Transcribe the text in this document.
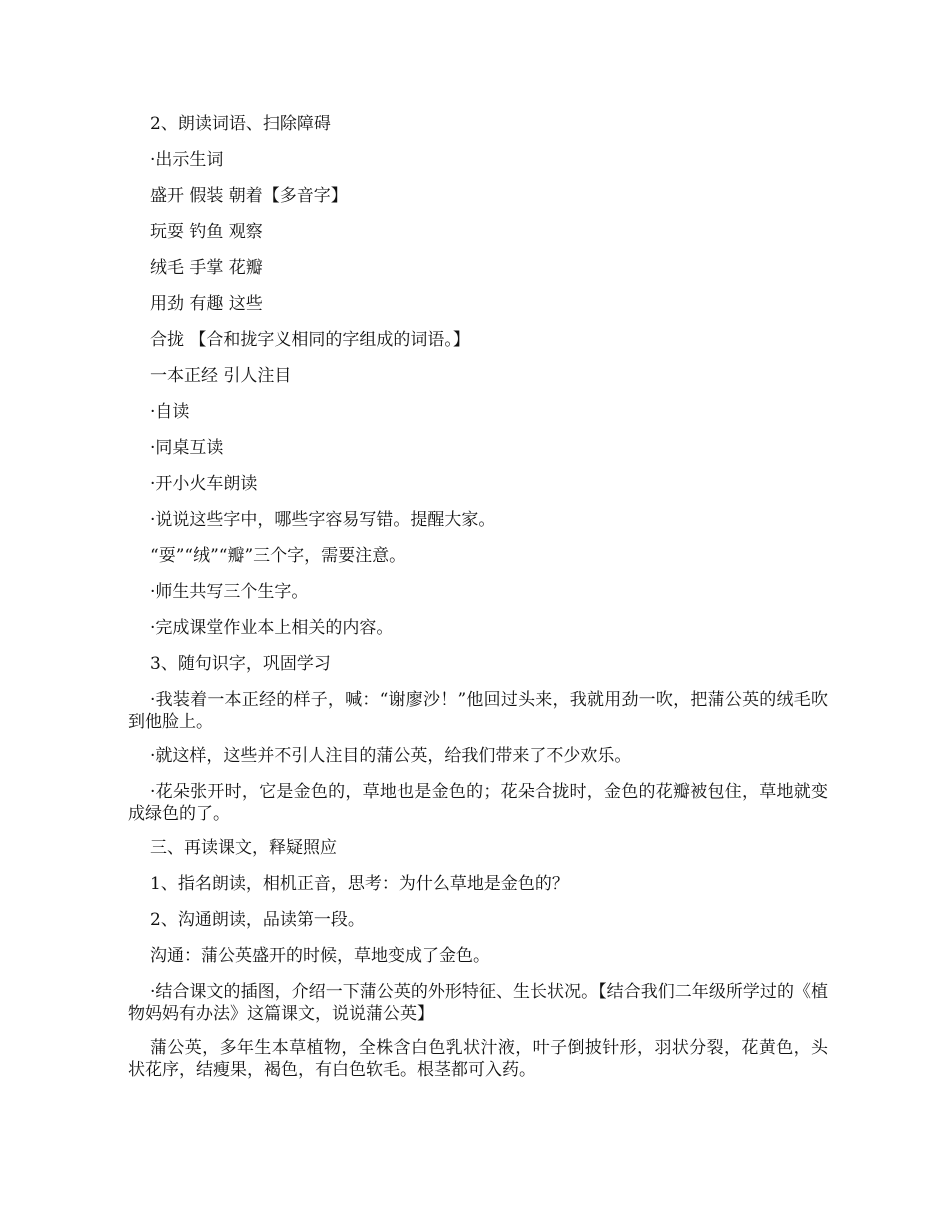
2、朗读词语、扫除障碍
·出示生词
盛开 假装 朝着【多音字】
玩耍 钓鱼 观察
绒毛 手掌 花瓣
用劲 有趣 这些
合拢 【合和拢字义相同的字组成的词语。】
一本正经 引人注目
·自读
·同桌互读
·开小火车朗读
·说说这些字中，哪些字容易写错。提醒大家。
“耍”“绒”“瓣”三个字，需要注意。
·师生共写三个生字。
·完成课堂作业本上相关的内容。
3、随句识字，巩固学习
·我装着一本正经的样子，喊：“谢廖沙！”他回过头来，我就用劲一吹，把蒲公英的绒毛吹到他脸上。
·就这样，这些并不引人注目的蒲公英，给我们带来了不少欢乐。
·花朵张开时，它是金色的，草地也是金色的；花朵合拢时，金色的花瓣被包住，草地就变成绿色的了。
三、再读课文，释疑照应
1、指名朗读，相机正音，思考：为什么草地是金色的？
2、沟通朗读，品读第一段。
沟通：蒲公英盛开的时候，草地变成了金色。
·结合课文的插图，介绍一下蒲公英的外形特征、生长状况。【结合我们二年级所学过的《植物妈妈有办法》这篇课文，说说蒲公英】
蒲公英，多年生本草植物，全株含白色乳状汁液，叶子倒披针形，羽状分裂，花黄色，头状花序，结瘦果，褐色，有白色软毛。根茎都可入药。
